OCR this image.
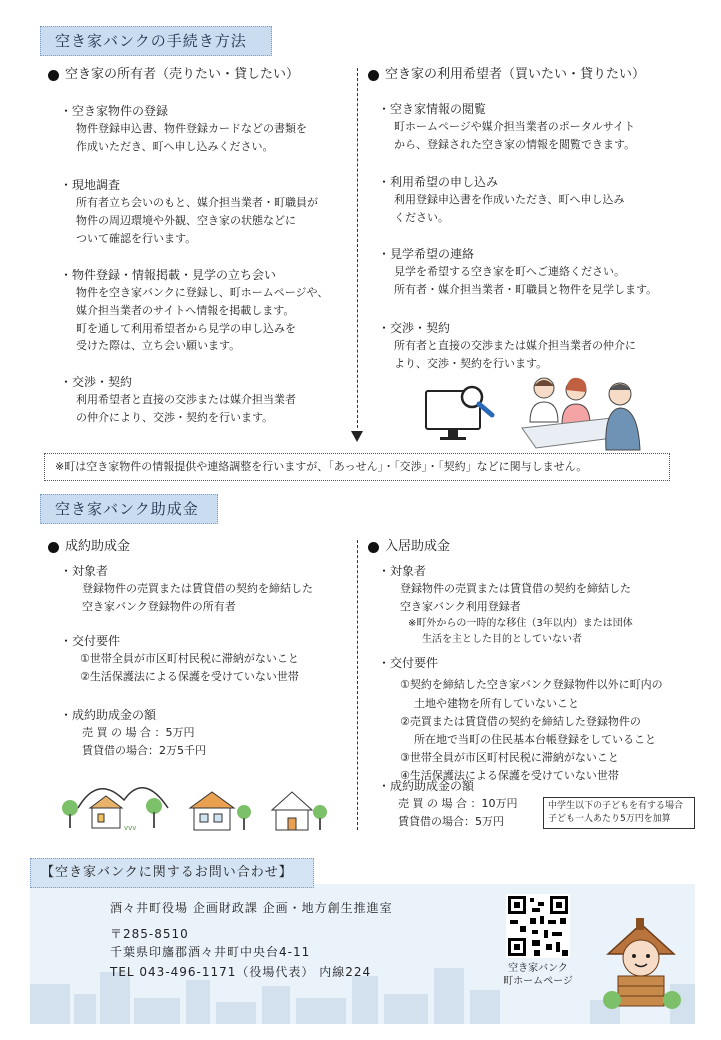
空き家バンクの手続き方法
空き家の所有者（売りたい・貸したい）
・ 空き家物件の登録
物件登録申込書、物件登録カードなどの書類を
作成いただき、町へ申し込みください。
・ 現地調査
所有者立ち会いのもと、媒介担当業者・町職員が
物件の周辺環境や外観、空き家の状態などに
ついて確認を行います。
・ 物件登録・情報掲載・見学の立ち会い
物件を空き家バンクに登録し、町ホームページや、
媒介担当業者のサイトへ情報を掲載します。
町を通して利用希望者から見学の申し込みを
受けた際は、立ち会い願います。
・ 交渉・契約
利用希望者と直接の交渉または媒介担当業者
の仲介により、交渉・契約を行います。
空き家の利用希望者（買いたい・貸りたい）
・ 空き家情報の閲覧
町ホームページや媒介担当業者のポータルサイト
から、登録された空き家の情報を閲覧できます。
・ 利用希望の申し込み
利用登録申込書を作成いただき、町へ申し込み
ください。
・ 見学希望の連絡
見学を希望する空き家を町へご連絡ください。
所有者・媒介担当業者・町職員と物件を見学します。
・ 交渉・契約
所有者と直接の交渉または媒介担当業者の仲介に
より、交渉・契約を行います。
※町は空き家物件の情報提供や連絡調整を行いますが、「あっせん」・「交渉」・「契約」などに関与しません。
空き家バンク助成金
成約助成金
・ 対象者
登録物件の売買または賃貸借の契約を締結した
空き家バンク登録物件の所有者
・ 交付要件
①世帯全員が市区町村民税に滞納がないこと
②生活保護法による保護を受けていない世帯
・ 成約助成金の額
売 買 の 場 合 ：5万円
賃貸借の場合：2万5千円
vvv
入居助成金
・ 対象者
登録物件の売買または賃貸借の契約を締結した
空き家バンク利用登録者
※町外からの一時的な移住（3年以内）または団体
生活を主とした目的としていない者
・ 交付要件
①契約を締結した空き家バンク登録物件以外に町内の
土地や建物を所有していないこと
②売買または賃貸借の契約を締結した登録物件の
所在地で当町の住民基本台帳登録をしていること
③世帯全員が市区町村民税に滞納がないこと
④生活保護法による保護を受けていない世帯
・ 成約助成金の額
売 買 の 場 合 ：10万円
賃貸借の場合：5万円
中学生以下の子どもを有する場合
子ども一人あたり5万円を加算
酒々井町役場 企画財政課 企画・地方創生推進室
〒285-8510
千葉県印旛郡酒々井町中央台4-11
TEL 043-496-1171（役場代表） 内線224	空き家バンク
町ホームページ
【空き家バンクに関するお問い合わせ】
